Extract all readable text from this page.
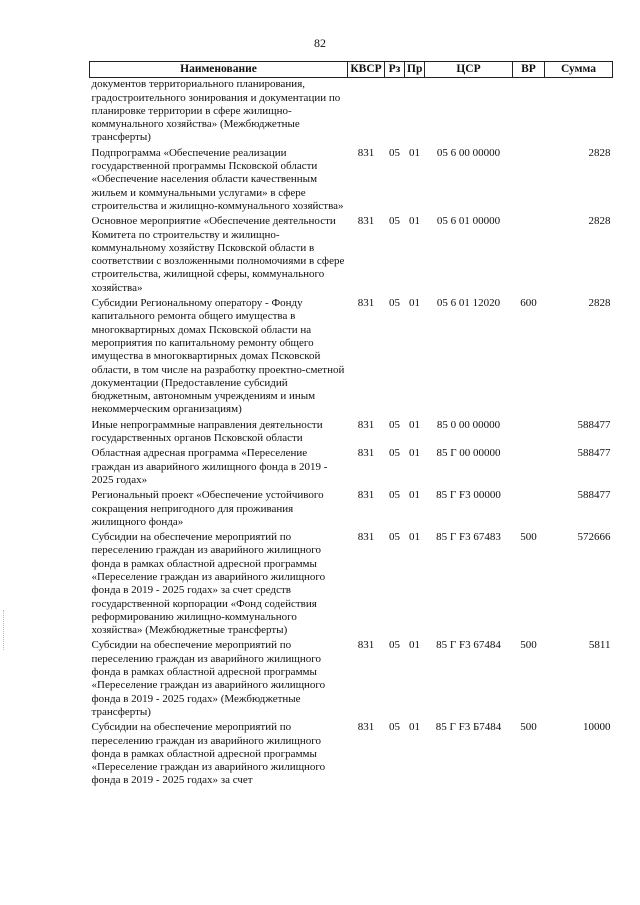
82
Наименование	КВСР	Рз	Пр	ЦСР	ВР	Сумма
документов территориального планирования, градостроительного зонирования и документации по планировке территории в сфере жилищно-коммунального хозяйства» (Межбюджетные трансферты)						
Подпрограмма «Обеспечение реализации государственной программы Псковской области «Обеспечение населения области качественным жильем и коммунальными услугами» в сфере строительства и жилищно-коммунального хозяйства»	831	05	01	05 6 00 00000		2828
Основное мероприятие «Обеспечение деятельности Комитета по строительству и жилищно-коммунальному хозяйству Псковской области в соответствии с возложенными полномочиями в сфере строительства, жилищной сферы, коммунального хозяйства»	831	05	01	05 6 01 00000		2828
Субсидии Региональному оператору - Фонду капитального ремонта общего имущества в многоквартирных домах Псковской области на мероприятия по капитальному ремонту общего имущества в многоквартирных домах Псковской области, в том числе на разработку проектно-сметной документации (Предоставление субсидий бюджетным, автономным учреждениям и иным некоммерческим организациям)	831	05	01	05 6 01 12020	600	2828
Иные непрограммные направления деятельности государственных органов Псковской области	831	05	01	85 0 00 00000		588477
Областная адресная программа «Переселение граждан из аварийного жилищного фонда в 2019 - 2025 годах»	831	05	01	85 Г 00 00000		588477
Региональный проект «Обеспечение устойчивого сокращения непригодного для проживания жилищного фонда»	831	05	01	85 Г F3 00000		588477
Субсидии на обеспечение мероприятий по переселению граждан из аварийного жилищного фонда в рамках областной адресной программы «Переселение граждан из аварийного жилищного фонда в 2019 - 2025 годах» за счет средств государственной корпорации «Фонд содействия реформированию жилищно-коммунального хозяйства» (Межбюджетные трансферты)	831	05	01	85 Г F3 67483	500	572666
Субсидии на обеспечение мероприятий по переселению граждан из аварийного жилищного фонда в рамках областной адресной программы «Переселение граждан из аварийного жилищного фонда в 2019 - 2025 годах» (Межбюджетные трансферты)	831	05	01	85 Г F3 67484	500	5811
Субсидии на обеспечение мероприятий по переселению граждан из аварийного жилищного фонда в рамках областной адресной программы «Переселение граждан из аварийного жилищного фонда в 2019 - 2025 годах» за счет	831	05	01	85 Г F3 Б7484	500	10000
